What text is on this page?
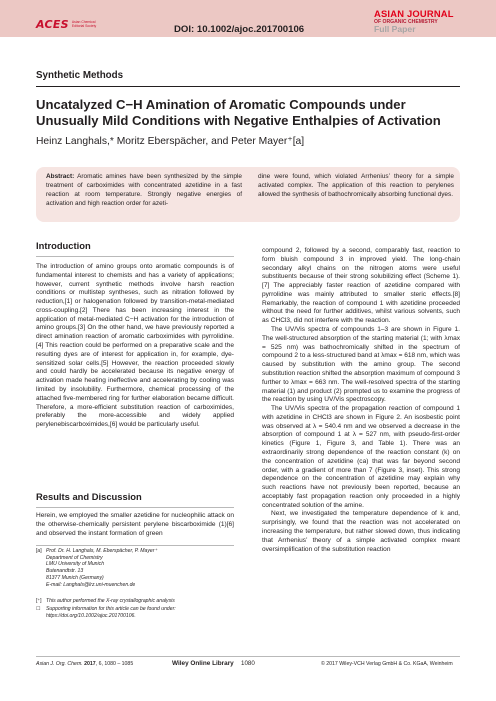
ACES Asian Chemical Editorial Society	DOI: 10.1002/ajoc.201700106
ASIAN JOURNAL
OF ORGANIC CHEMISTRY
Full Paper
Synthetic Methods
Uncatalyzed C−H Amination of Aromatic Compounds under Unusually Mild Conditions with Negative Enthalpies of Activation
Heinz Langhals,* Moritz Eberspächer, and Peter Mayer⁺[a]
Abstract: Aromatic amines have been synthesized by the simple treatment of carboximides with concentrated azetidine in a fast reaction at room temperature. Strongly negative energies of activation and high reaction order for azeti-
dine were found, which violated Arrhenius’ theory for a simple activated complex. The application of this reaction to perylenes allowed the synthesis of bathochromically absorbing functional dyes.
Introduction
The introduction of amino groups onto aromatic compounds is of fundamental interest to chemists and has a variety of applications; however, current synthetic methods involve harsh reaction conditions or multistep syntheses, such as nitration followed by reduction,[1] or halogenation followed by transition-metal-mediated cross-coupling.[2] There has been increasing interest in the application of metal-mediated C−H activation for the introduction of amino groups.[3] On the other hand, we have previously reported a direct amination reaction of aromatic carboximides with pyrrolidine.[4] This reaction could be performed on a preparative scale and the resulting dyes are of interest for application in, for example, dye-sensitized solar cells.[5] However, the reaction proceeded slowly and could hardly be accelerated because its negative energy of activation made heating ineffective and accelerating by cooling was limited by insolubility. Furthermore, chemical processing of the attached five-membered ring for further elaboration became difficult. Therefore, a more-efficient substitution reaction of carboximides, preferably the more-accessible and widely applied perylenebiscarboximides,[6] would be particularly useful.
Results and Discussion
Herein, we employed the smaller azetidine for nucleophilic attack on the otherwise-chemically persistent perylene biscarboximide (1)[6] and observed the instant formation of green
[a] Prof. Dr. H. Langhals, M. Eberspächer, P. Mayer⁺
Department of Chemistry
LMU University of Munich
Butenandtstr. 13
81377 Munich (Germany)
E-mail: Langhals@lrz.uni-muenchen.de
[⁺] This author performed the X-ray crystallographic analysis
☐ Supporting information for this article can be found under:
https://doi.org/10.1002/ajoc.201700106.
compound 2, followed by a second, comparably fast, reaction to form bluish compound 3 in improved yield. The long-chain secondary alkyl chains on the nitrogen atoms were useful substituents because of their strong solubilizing effect (Scheme 1).[7] The appreciably faster reaction of azetidine compared with pyrrolidine was mainly attributed to smaller steric effects.[8] Remarkably, the reaction of compound 1 with azetidine proceeded without the need for further additives, whilst various solvents, such as CHCl3, did not interfere with the reaction.
The UV/Vis spectra of compounds 1–3 are shown in Figure 1. The well-structured absorption of the starting material (1; with λmax = 525 nm) was bathochromically shifted in the spectrum of compound 2 to a less-structured band at λmax = 618 nm, which was caused by substitution with the amino group. The second substitution reaction shifted the absorption maximum of compound 3 further to λmax = 663 nm. The well-resolved spectra of the starting material (1) and product (2) prompted us to examine the progress of the reaction by using UV/Vis spectroscopy.
The UV/Vis spectra of the propagation reaction of compound 1 with azetidine in CHCl3 are shown in Figure 2. An isosbestic point was observed at λ = 540.4 nm and we observed a decrease in the absorption of compound 1 at λ = 527 nm, with pseudo-first-order kinetics (Figure 1, Figure 3, and Table 1). There was an extraordinarily strong dependence of the reaction constant (k) on the concentration of azetidine (ca) that was far beyond second order, with a gradient of more than 7 (Figure 3, inset). This strong dependence on the concentration of azetidine may explain why such reactions have not previously been reported, because an acceptably fast propagation reaction only proceeded in a highly concentrated solution of the amine.
Next, we investigated the temperature dependence of k and, surprisingly, we found that the reaction was not accelerated on increasing the temperature, but rather slowed down, thus indicating that Arrhenius’ theory of a simple activated complex meant oversimplification of the substitution reaction
Asian J. Org. Chem. 2017, 6, 1080 – 1085	Wiley Online Library 1080	© 2017 Wiley-VCH Verlag GmbH & Co. KGaA, Weinheim
